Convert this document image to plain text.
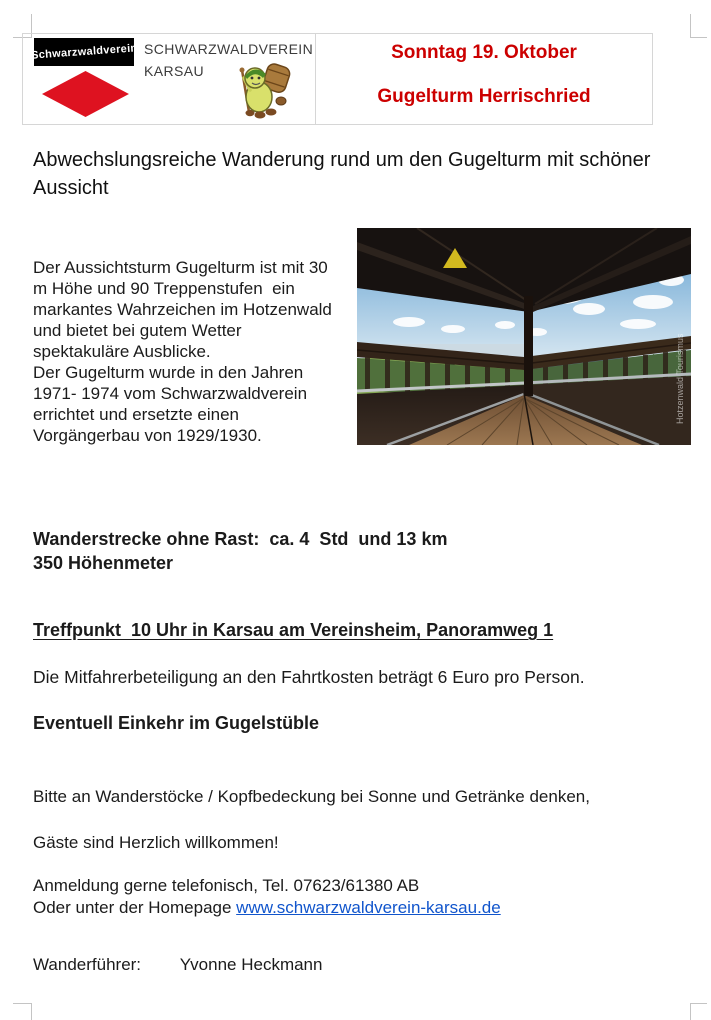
Schwarzwaldverein SCHWARZWALDVEREIN
KARSAU
Sonntag 19. Oktober
Gugelturm Herrischried
Abwechslungsreiche Wanderung rund um den Gugelturm mit schöner
Aussicht
Der Aussichtsturm Gugelturm ist mit 30
m Höhe und 90 Treppenstufen  ein
markantes Wahrzeichen im Hotzenwald
und bietet bei gutem Wetter
spektakuläre Ausblicke.
Der Gugelturm wurde in den Jahren
1971- 1974 vom Schwarzwaldverein
errichtet und ersetzte einen
Vorgängerbau von 1929/1930.
Hotzenwald Tourismus
Wanderstrecke ohne Rast:  ca. 4  Std  und 13 km
350 Höhenmeter
Treffpunkt  10 Uhr in Karsau am Vereinsheim, Panoramweg 1
Die Mitfahrerbeteiligung an den Fahrtkosten beträgt 6 Euro pro Person.
Eventuell Einkehr im Gugelstüble
Bitte an Wanderstöcke / Kopfbedeckung bei Sonne und Getränke denken,
Gäste sind Herzlich willkommen!
Anmeldung gerne telefonisch, Tel. 07623/61380 AB
Oder unter der Homepage www.schwarzwaldverein-karsau.de
Wanderführer: Yvonne Heckmann
